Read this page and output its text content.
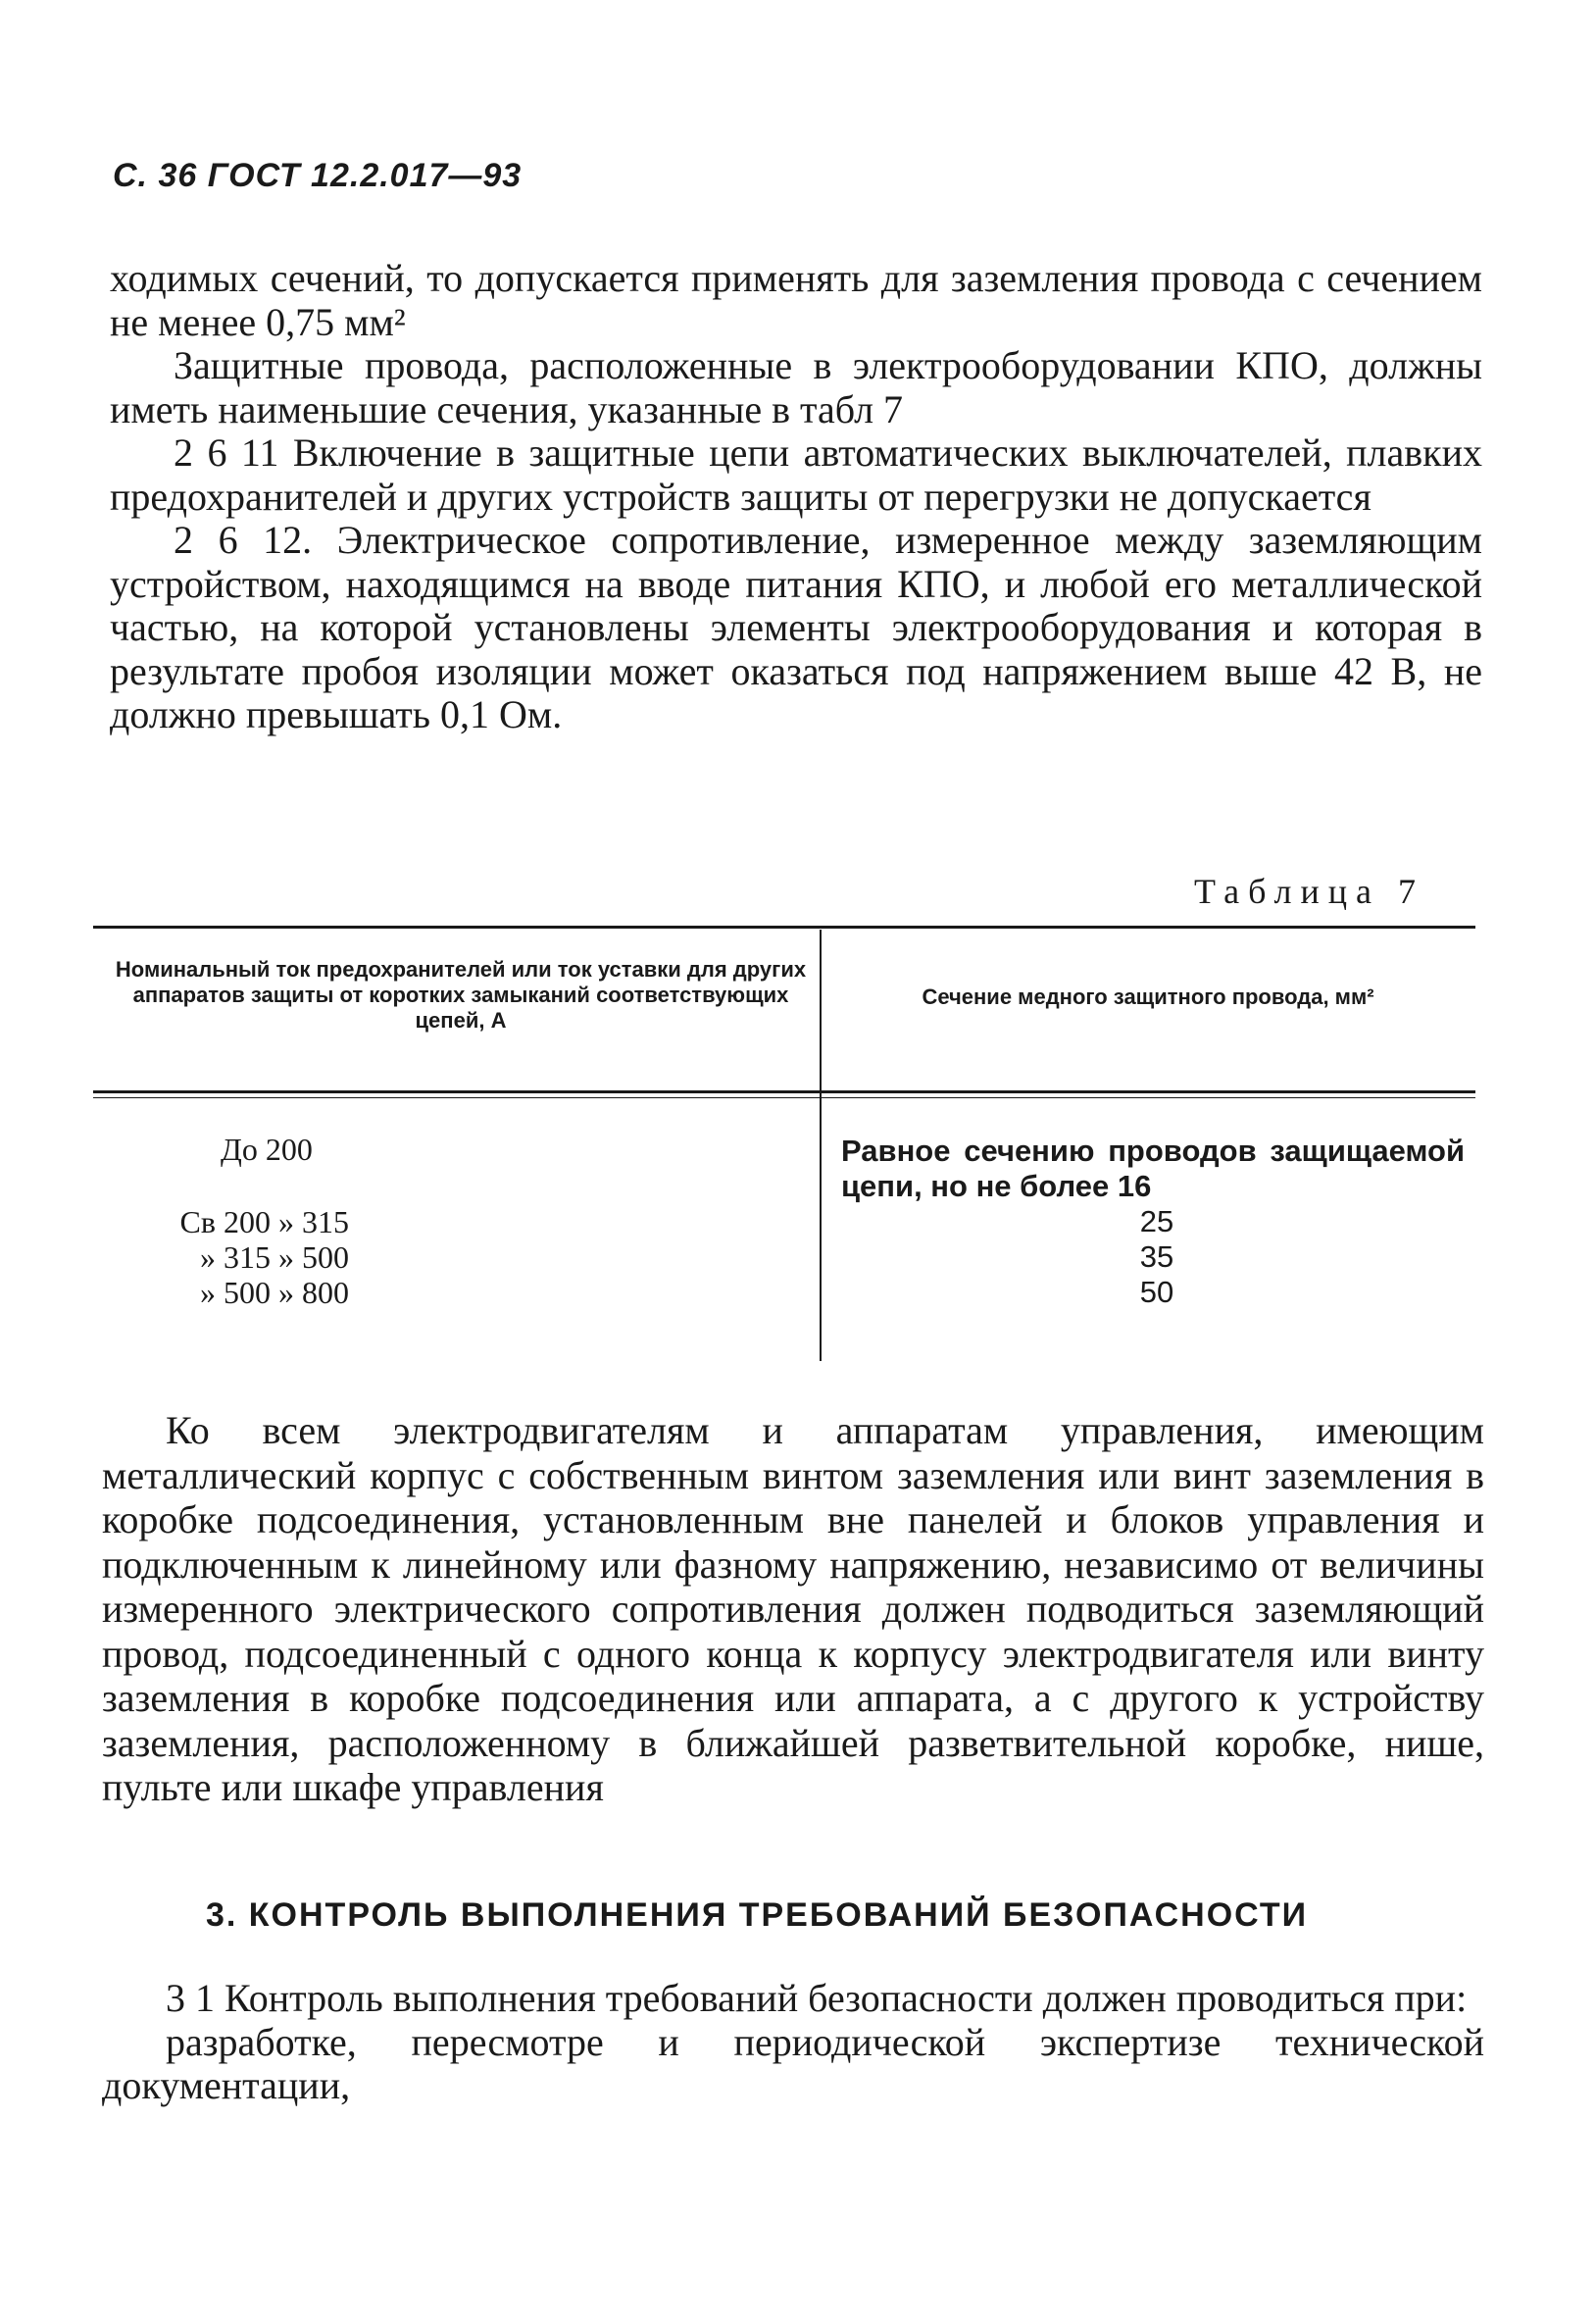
С. 36 ГОСТ 12.2.017—93

ходимых сечений, то допускается применять для заземления провода с сечением не менее 0,75 мм²

Защитные провода, расположенные в электрооборудовании КПО, должны иметь наименьшие сечения, указанные в табл 7

2 6 11 Включение в защитные цепи автоматических выключателей, плавких предохранителей и других устройств защиты от перегрузки не допускается

2 6 12. Электрическое сопротивление, измеренное между заземляющим устройством, находящимся на вводе питания КПО, и любой его металлической частью, на которой установлены элементы электрооборудования и которая в результате пробоя изоляции может оказаться под напряжением выше 42 В, не должно превышать 0,1 Ом.

Таблица 7
Номинальный ток предохранителей или ток уставки для других аппаратов защиты от коротких замыканий соответствующих цепей, А
Сечение медного защитного провода, мм²
До 200
Св 200 » 315
» 315 » 500
» 500 » 800
Равное сечению проводов защищаемой цепи, но не более 16
25
35
50

Ко всем электродвигателям и аппаратам управления, имеющим металлический корпус с собственным винтом заземления или винт заземления в коробке подсоединения, установленным вне панелей и блоков управления и подключенным к линейному или фазному напряжению, независимо от величины измеренного электрического сопротивления должен подводиться заземляющий провод, подсоединенный с одного конца к корпусу электродвигателя или винту заземления в коробке подсоединения или аппарата, а с другого к устройству заземления, расположенному в ближайшей разветвительной коробке, нише, пульте или шкафе управления

3. КОНТРОЛЬ ВЫПОЛНЕНИЯ ТРЕБОВАНИЙ БЕЗОПАСНОСТИ

3 1 Контроль выполнения требований безопасности должен проводиться при:

разработке, пересмотре и периодической экспертизе технической документации,
